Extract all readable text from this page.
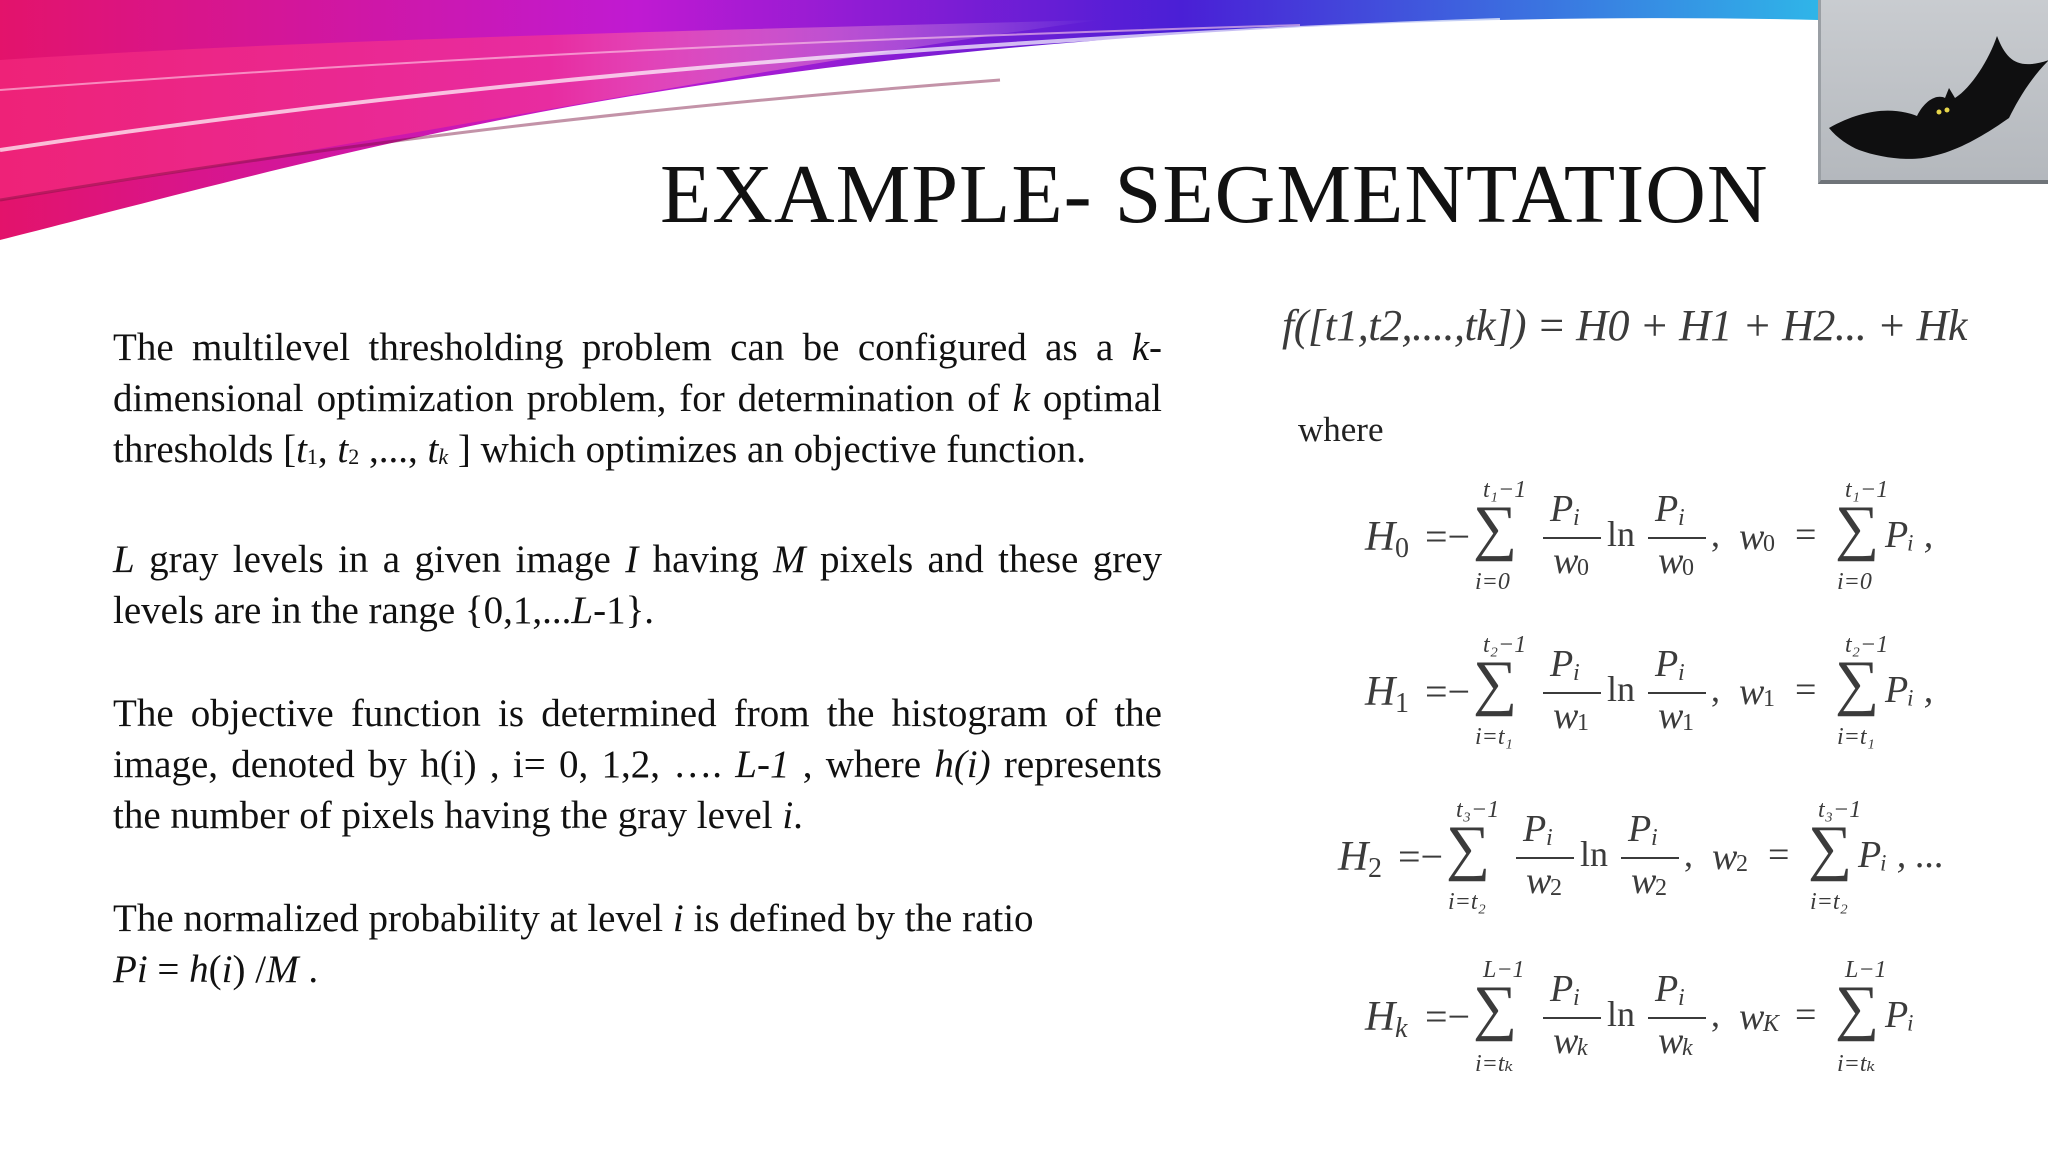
EXAMPLE- SEGMENTATION

The multilevel thresholding problem can be configured as a k-dimensional optimization problem, for determination of k optimal thresholds [$t_1$, $t_2$ ,..., $t_k$ ] which optimizes an objective function.

L gray levels in a given image I having M pixels and these grey levels are in the range {0,1,...L-1}.

The objective function is determined from the histogram of the image, denoted by h(i) , i= 0, 1,2, …. L-1 , where h(i) represents the number of pixels having the gray level i.

The normalized probability at level i is defined by the ratio
Pi = h(i) /M .

f([t1,t2,....,tk]) = H0 + H1 + H2... + Hk
where
H 0 =−
t₁−1
∑
i=0
P i
w
0
ln
P i
w
0
, w
0 =
t₁−1
∑
i=0
Pᵢ ,
H 1 =−
t₂−1
∑
i=t₁
P i
w
1
ln
P i
w
1
, w
1 =
t₂−1
∑
i=t₁
Pᵢ ,
H 2 =−
t₃−1
∑
i=t₂
P i
w
2
ln
P i
w
2
, w
2 =
t₃−1
∑
i=t₂
Pᵢ , ...
H k =−
L−1
∑
i=tₖ
P i
w
k
ln
P i
w
k
, w
K =
L−1
∑
i=tₖ
Pᵢ
